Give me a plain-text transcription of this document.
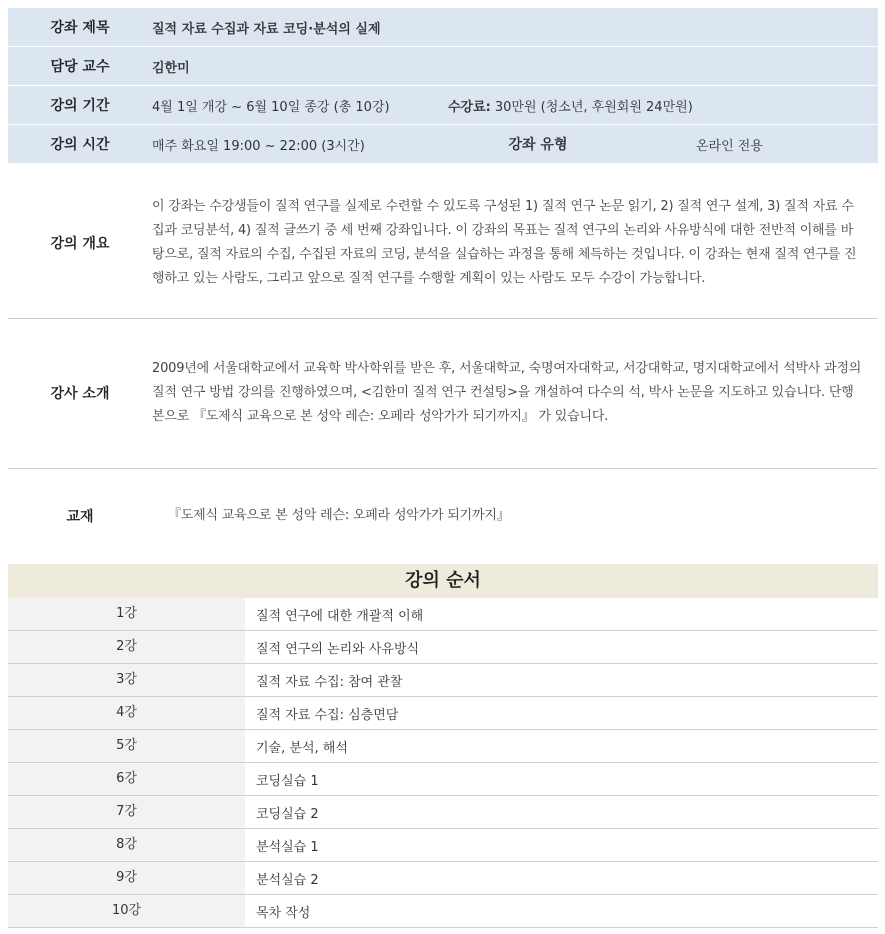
강좌 제목	질적 자료 수집과 자료 코딩·분석의 실제
담당 교수	김한미
강의 기간	4월 1일 개강 ~ 6월 10일 종강 (총 10강)	수강료: 30만원 (청소년, 후원회원 24만원)
강의 시간	매주 화요일 19:00 ~ 22:00 (3시간)	강좌 유형	온라인 전용
강의 개요
이 강좌는 수강생들이 질적 연구를 실제로 수련할 수 있도록 구성된 1) 질적 연구 논문 읽기, 2) 질적 연구 설계, 3) 질적 자료 수집과 코딩분석, 4) 질적 글쓰기 중 세 번째 강좌입니다. 이 강좌의 목표는 질적 연구의 논리와 사유방식에 대한 전반적 이해를 바탕으로, 질적 자료의 수집, 수집된 자료의 코딩, 분석을 실습하는 과정을 통해 체득하는 것입니다. 이 강좌는 현재 질적 연구를 진행하고 있는 사람도, 그리고 앞으로 질적 연구를 수행할 계획이 있는 사람도 모두 수강이 가능합니다.
강사 소개
2009년에 서울대학교에서 교육학 박사학위를 받은 후, 서울대학교, 숙명여자대학교, 서강대학교, 명지대학교에서 석박사 과정의 질적 연구 방법 강의를 진행하였으며, <김한미 질적 연구 컨설팅>을 개설하여 다수의 석, 박사 논문을 지도하고 있습니다. 단행본으로 『도제식 교육으로 본 성악 레슨: 오페라 성악가가 되기까지』 가 있습니다.
교재	『도제식 교육으로 본 성악 레슨: 오페라 성악가가 되기까지』
강의 순서
1강	질적 연구에 대한 개괄적 이해
2강	질적 연구의 논리와 사유방식
3강	질적 자료 수집: 참여 관찰
4강	질적 자료 수집: 심층면담
5강	기술, 분석, 해석
6강	코딩실습 1
7강	코딩실습 2
8강	분석실습 1
9강	분석실습 2
10강	목차 작성
